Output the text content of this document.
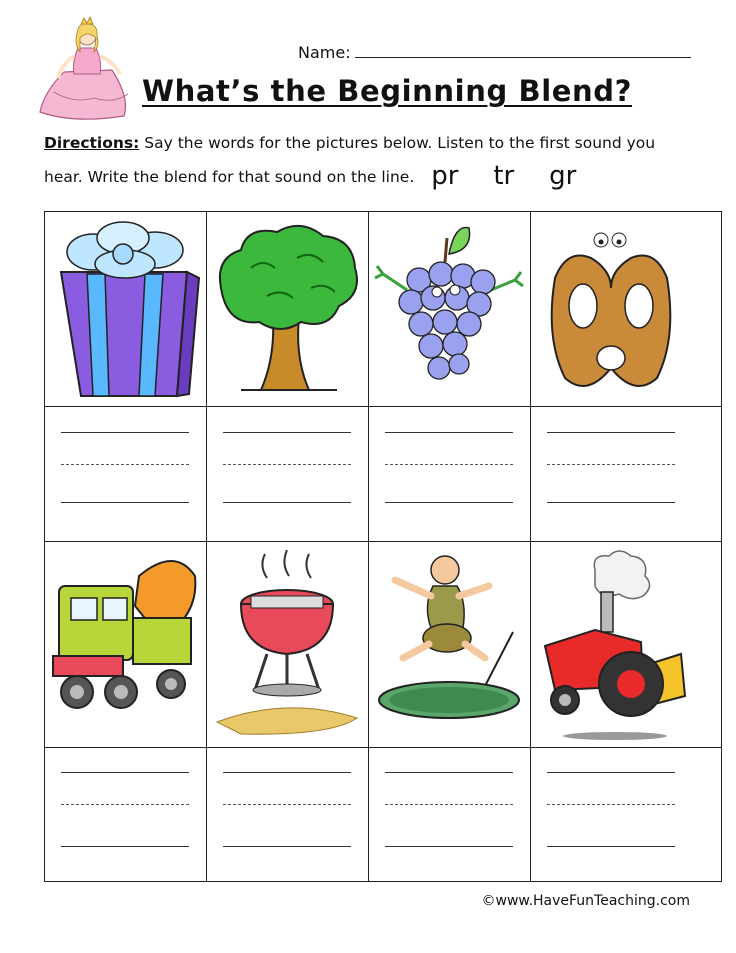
Name:
What’s the Beginning Blend?
Directions: Say the words for the pictures below. Listen to the first sound you
hear. Write the blend for that sound on the line. pr tr gr
©www.HaveFunTeaching.com
